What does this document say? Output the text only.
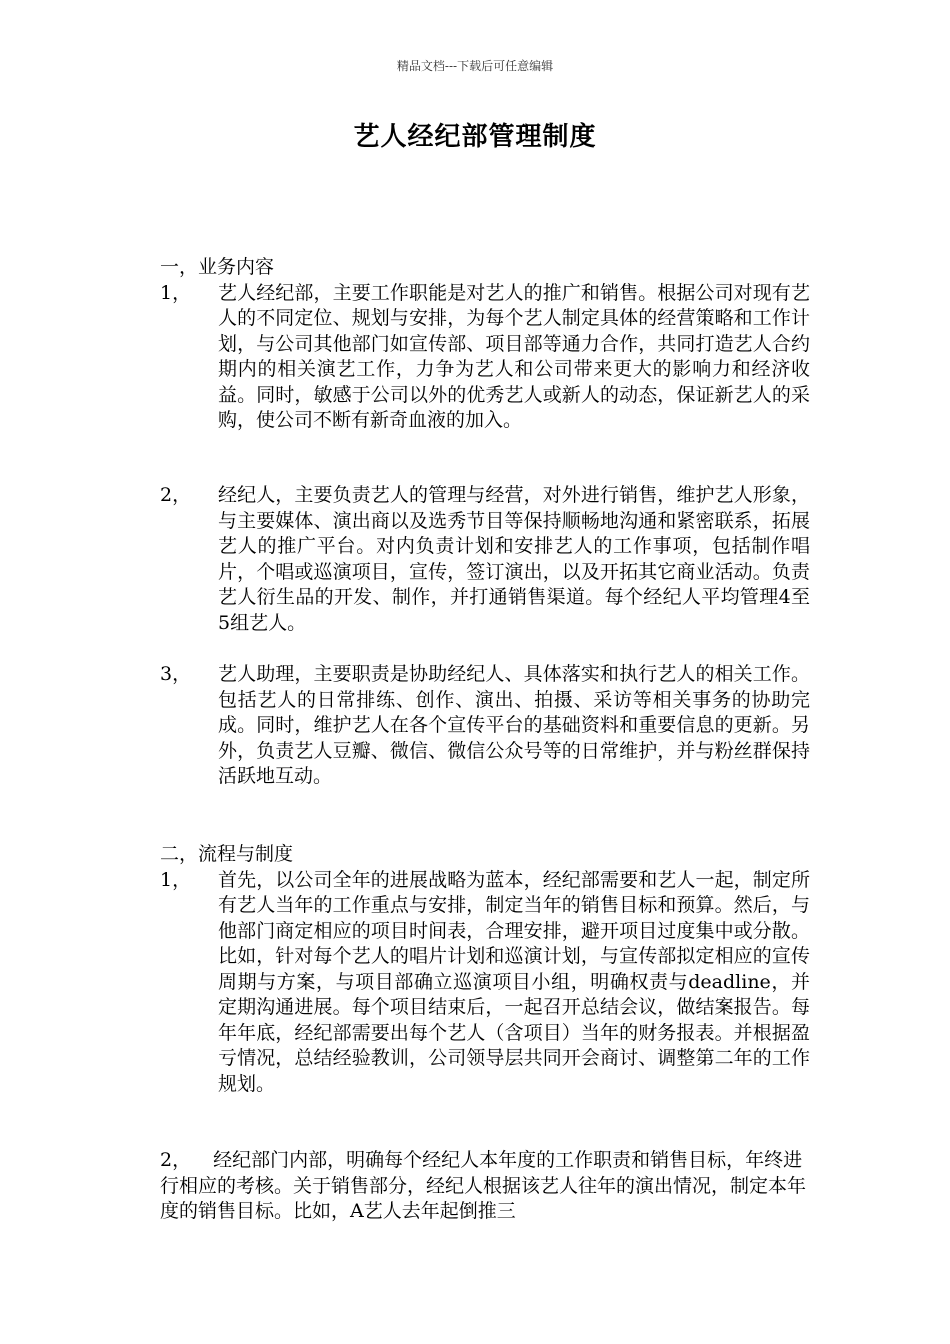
精品文档---下载后可任意编辑
艺人经纪部管理制度
一，业务内容
1， 艺人经纪部，主要工作职能是对艺人的推广和销售。根据公司对现有艺人的不同定位、规划与安排，为每个艺人制定具体的经营策略和工作计划，与公司其他部门如宣传部、项目部等通力合作，共同打造艺人合约期内的相关演艺工作，力争为艺人和公司带来更大的影响力和经济收益。同时，敏感于公司以外的优秀艺人或新人的动态，保证新艺人的采购，使公司不断有新奇血液的加入。
2， 经纪人，主要负责艺人的管理与经营，对外进行销售，维护艺人形象，与主要媒体、演出商以及选秀节目等保持顺畅地沟通和紧密联系，拓展艺人的推广平台。对内负责计划和安排艺人的工作事项，包括制作唱片，个唱或巡演项目，宣传，签订演出，以及开拓其它商业活动。负责艺人衍生品的开发、制作，并打通销售渠道。每个经纪人平均管理4至5组艺人。
3， 艺人助理，主要职责是协助经纪人、具体落实和执行艺人的相关工作。包括艺人的日常排练、创作、演出、拍摄、采访等相关事务的协助完成。同时，维护艺人在各个宣传平台的基础资料和重要信息的更新。另外，负责艺人豆瓣、微信、微信公众号等的日常维护，并与粉丝群保持活跃地互动。
二，流程与制度
1， 首先，以公司全年的进展战略为蓝本，经纪部需要和艺人一起，制定所有艺人当年的工作重点与安排，制定当年的销售目标和预算。然后，与他部门商定相应的项目时间表，合理安排，避开项目过度集中或分散。比如，针对每个艺人的唱片计划和巡演计划，与宣传部拟定相应的宣传周期与方案，与项目部确立巡演项目小组，明确权责与deadline，并定期沟通进展。每个项目结束后，一起召开总结会议，做结案报告。每年年底，经纪部需要出每个艺人（含项目）当年的财务报表。并根据盈亏情况，总结经验教训，公司领导层共同开会商讨、调整第二年的工作规划。
2， 经纪部门内部，明确每个经纪人本年度的工作职责和销售目标，年终进行相应的考核。关于销售部分，经纪人根据该艺人往年的演出情况，制定本年度的销售目标。比如，A艺人去年起倒推三
